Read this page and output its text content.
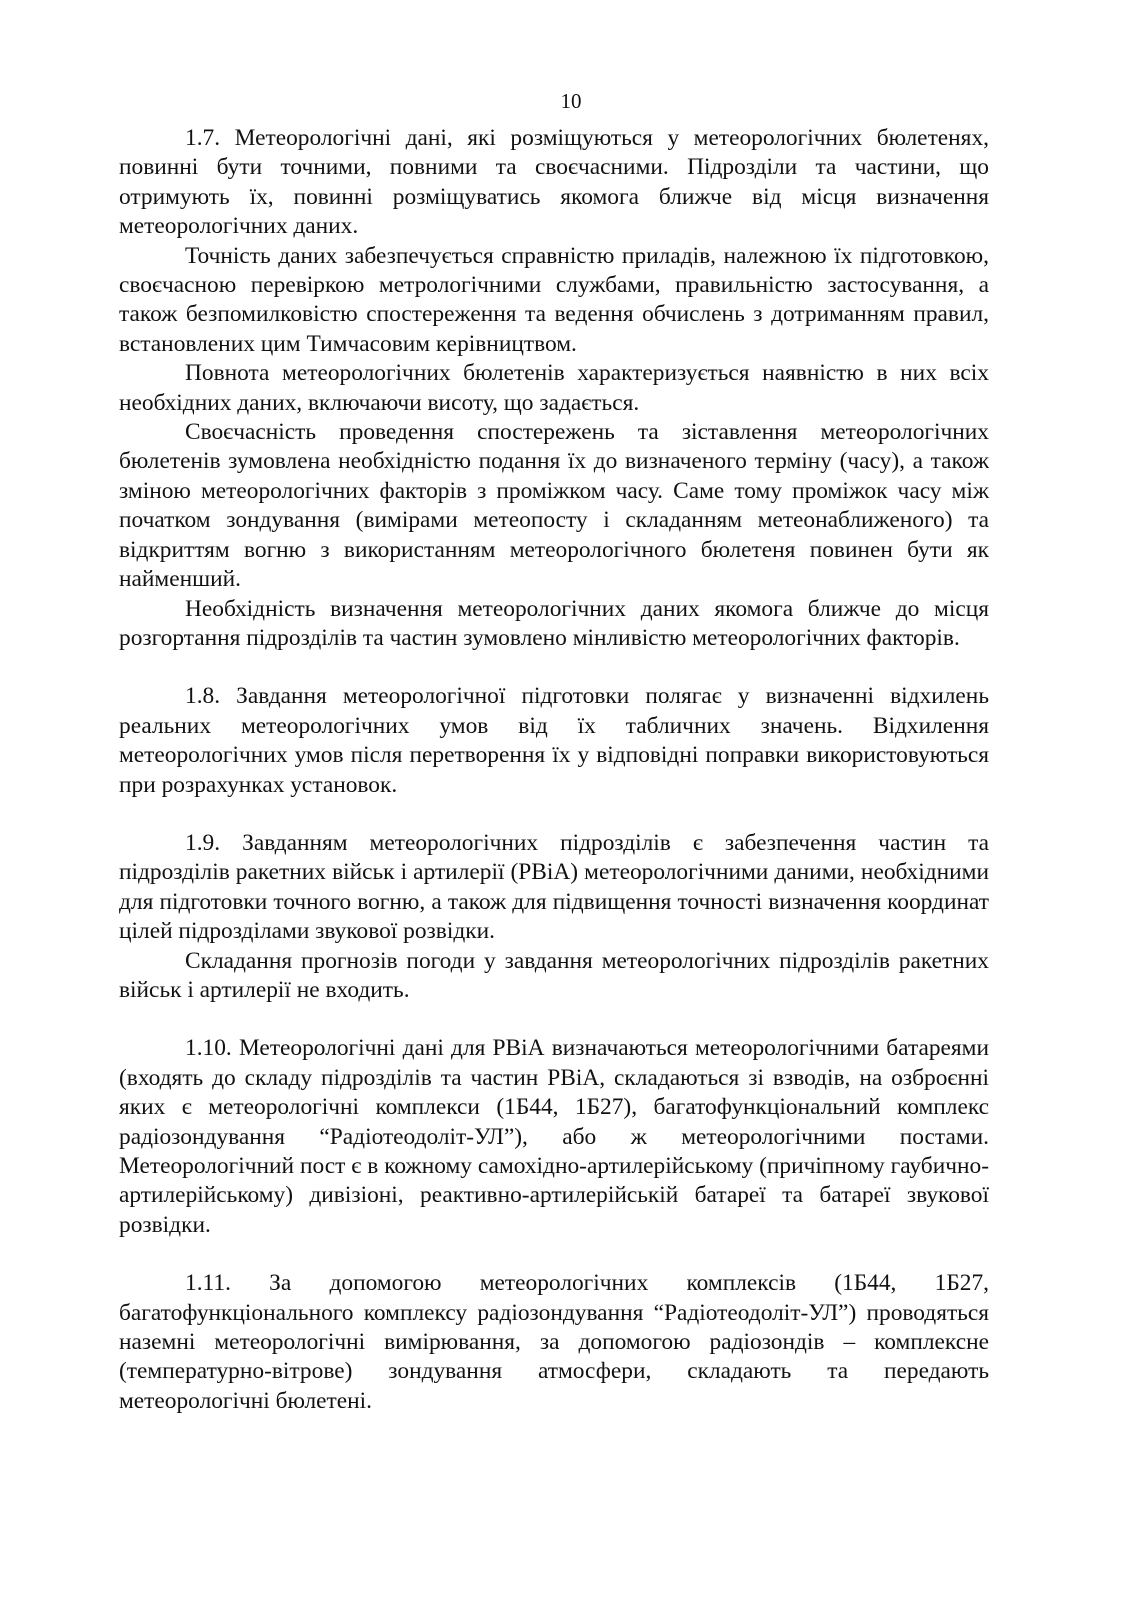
10

1.7. Метеорологічні дані, які розміщуються у метеорологічних бюлетенях, повинні бути точними, повними та своєчасними. Підрозділи та частини, що отримують їх, повинні розміщуватись якомога ближче від місця визначення метеорологічних даних.

Точність даних забезпечується справністю приладів, належною їх підготовкою, своєчасною перевіркою метрологічними службами, правильністю застосування, а також безпомилковістю спостереження та ведення обчислень з дотриманням правил, встановлених цим Тимчасовим керівництвом.

Повнота метеорологічних бюлетенів характеризується наявністю в них всіх необхідних даних, включаючи висоту, що задається.

Своєчасність проведення спостережень та зіставлення метеорологічних бюлетенів зумовлена необхідністю подання їх до визначеного терміну (часу), а також зміною метеорологічних факторів з проміжком часу. Саме тому проміжок часу між початком зондування (вимірами метеопосту і складанням метеонаближеного) та відкриттям вогню з використанням метеорологічного бюлетеня повинен бути як найменший.

Необхідність визначення метеорологічних даних якомога ближче до місця розгортання підрозділів та частин зумовлено мінливістю метеорологічних факторів.

1.8. Завдання метеорологічної підготовки полягає у визначенні відхилень реальних метеорологічних умов від їх табличних значень. Відхилення метеорологічних умов після перетворення їх у відповідні поправки використовуються при розрахунках установок.

1.9. Завданням метеорологічних підрозділів є забезпечення частин та підрозділів ракетних військ і артилерії (РВіА) метеорологічними даними, необхідними для підготовки точного вогню, а також для підвищення точності визначення координат цілей підрозділами звукової розвідки.

Складання прогнозів погоди у завдання метеорологічних підрозділів ракетних військ і артилерії не входить.

1.10. Метеорологічні дані для РВіА визначаються метеорологічними батареями (входять до складу підрозділів та частин РВіА, складаються зі взводів, на озброєнні яких є метеорологічні комплекси (1Б44, 1Б27), багатофункціональний комплекс радіозондування “Радіотеодоліт-УЛ”), або ж метеорологічними постами. Метеорологічний пост є в кожному самохідно-артилерійському (причіпному гаубично-артилерійському) дивізіоні, реактивно-артилерійській батареї та батареї звукової розвідки.

1.11. За допомогою метеорологічних комплексів (1Б44, 1Б27, багатофункціонального комплексу радіозондування “Радіотеодоліт-УЛ”) проводяться наземні метеорологічні вимірювання, за допомогою радіозондів – комплексне (температурно-вітрове) зондування атмосфери, складають та передають метеорологічні бюлетені.
